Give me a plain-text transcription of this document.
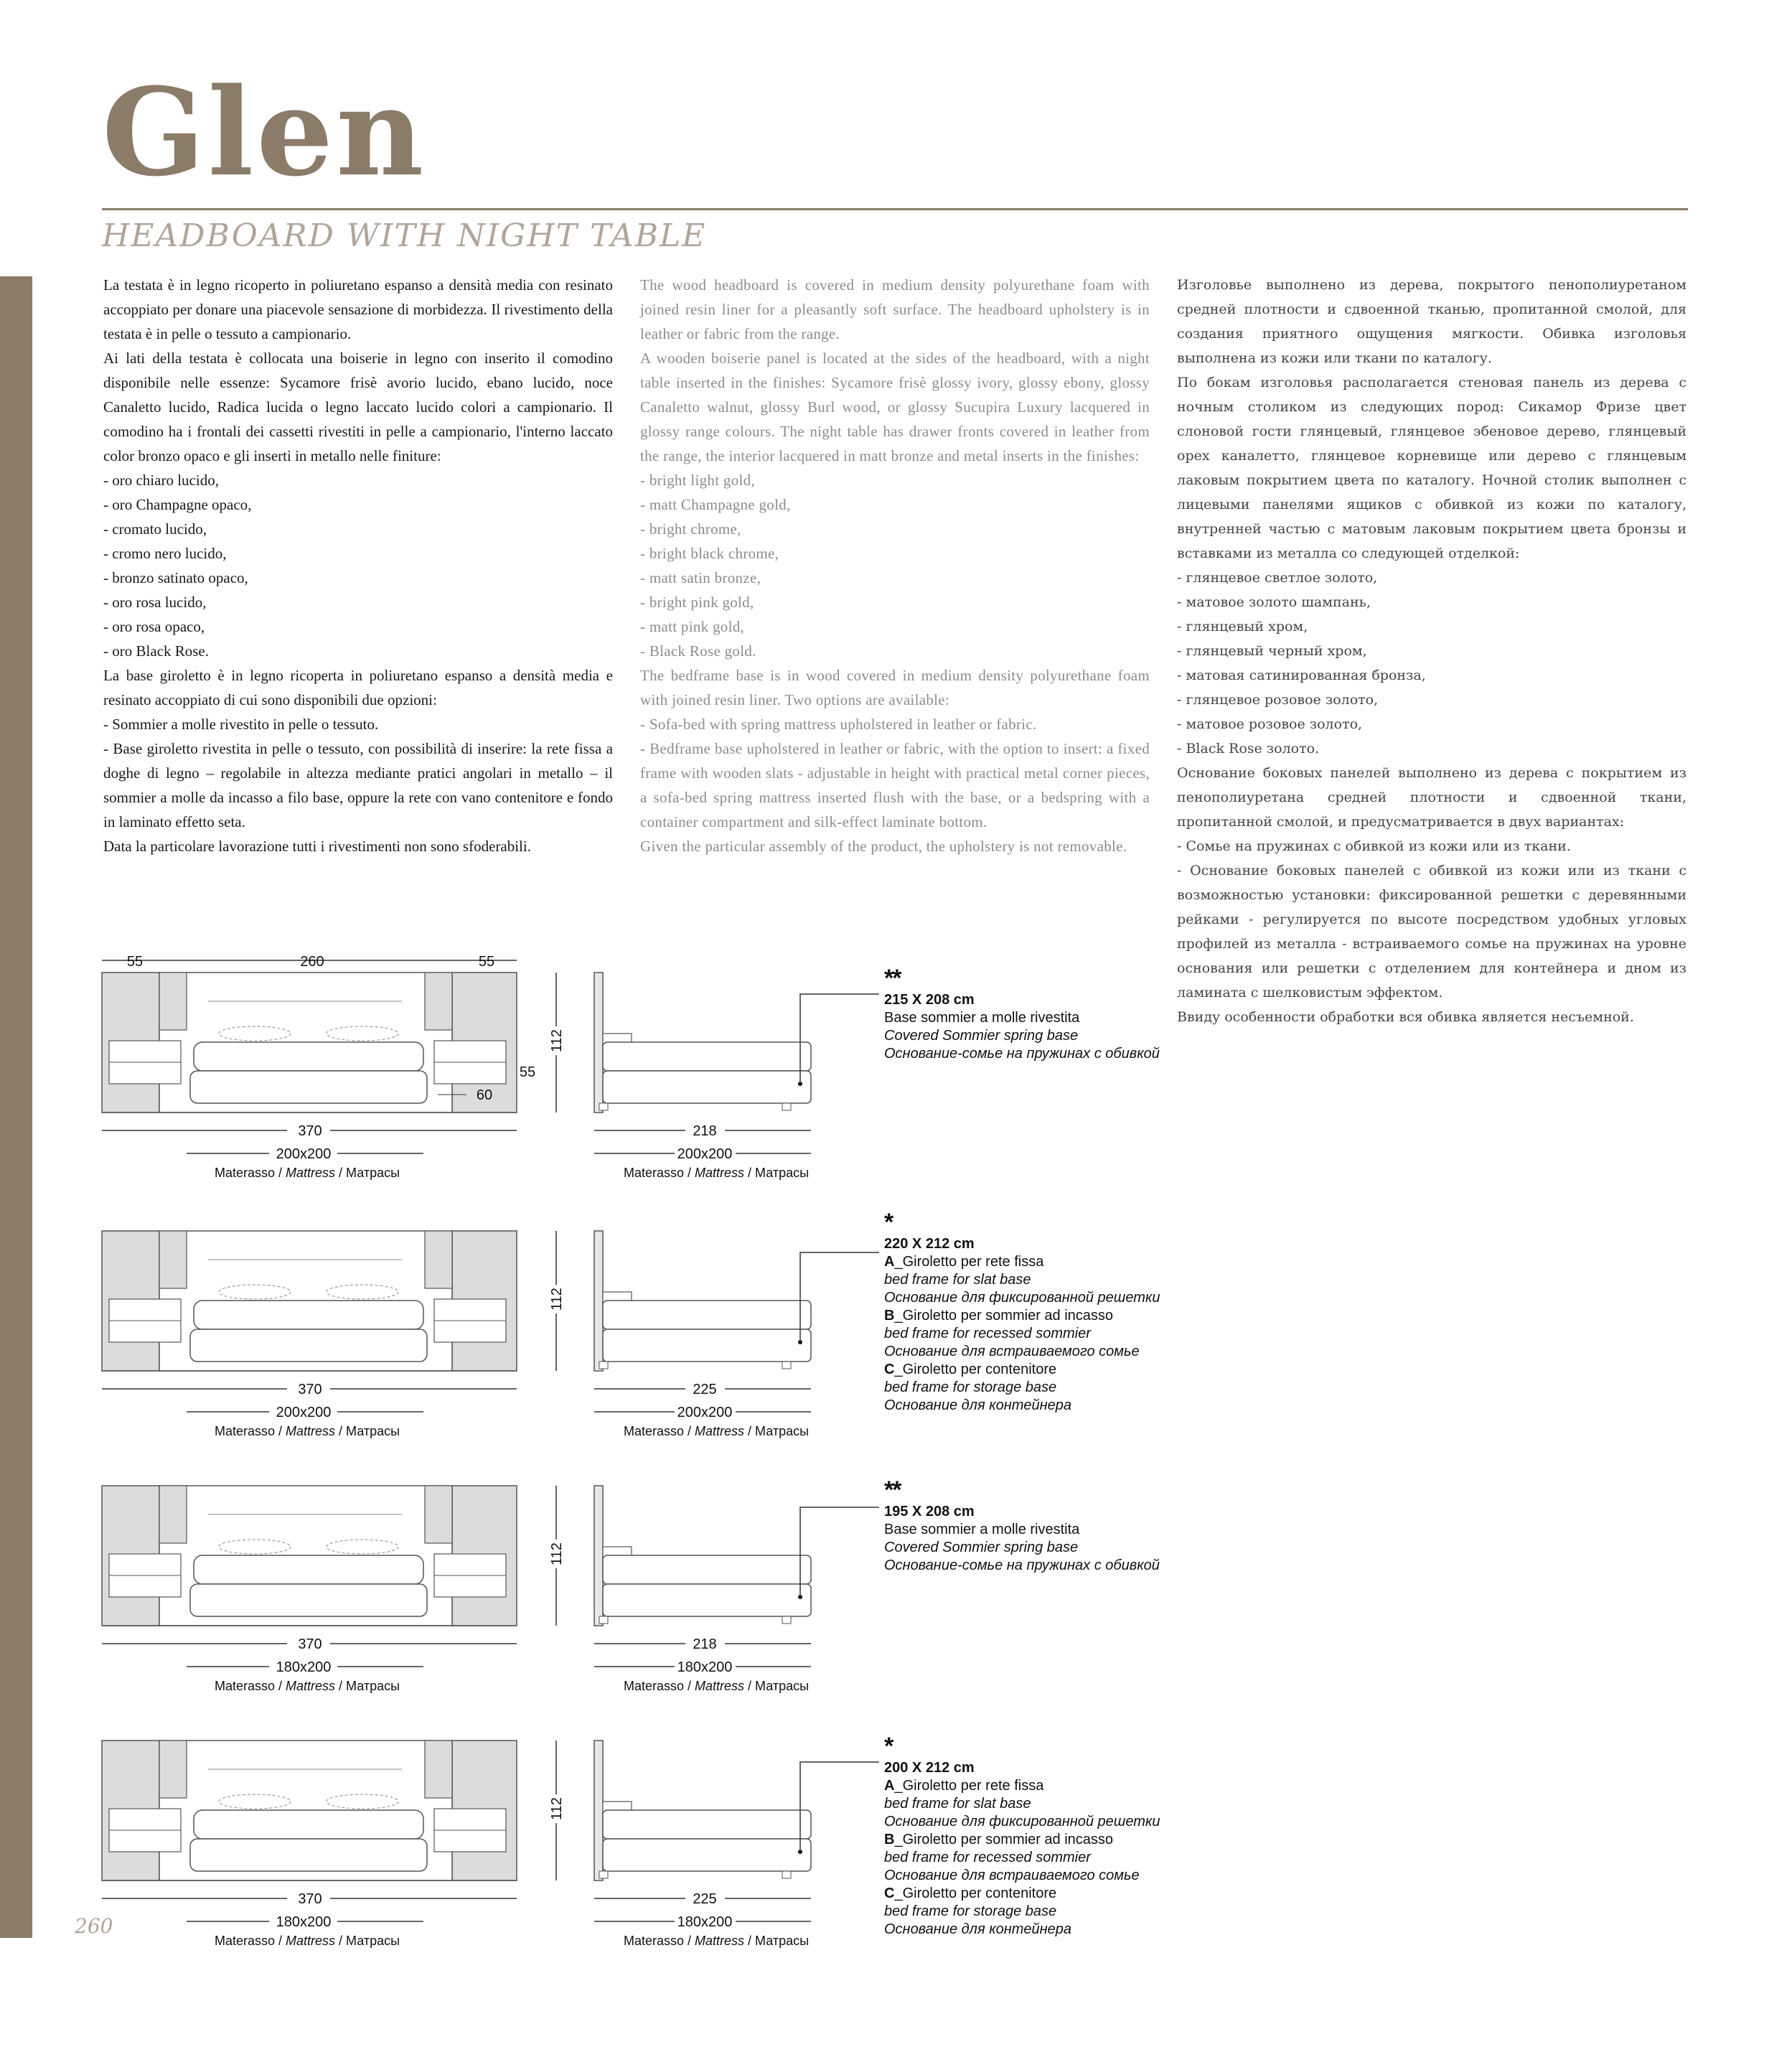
Glen
HEADBOARD WITH NIGHT TABLE
La testata è in legno ricoperto in poliuretano espanso a densità media con resinato accoppiato per donare una piacevole sensazione di morbidezza. Il rivestimento della testata è in pelle o tessuto a campionario.
Ai lati della testata è collocata una boiserie in legno con inserito il comodino disponibile nelle essenze: Sycamore frisè avorio lucido, ebano lucido, noce Canaletto lucido, Radica lucida o legno laccato lucido colori a campionario. Il comodino ha i frontali dei cassetti rivestiti in pelle a campionario, l'interno laccato color bronzo opaco e gli inserti in metallo nelle finiture:
- oro chiaro lucido,
- oro Champagne opaco,
- cromato lucido,
- cromo nero lucido,
- bronzo satinato opaco,
- oro rosa lucido,
- oro rosa opaco,
- oro Black Rose.
La base giroletto è in legno ricoperta in poliuretano espanso a densità media e resinato accoppiato di cui sono disponibili due opzioni:
- Sommier a molle rivestito in pelle o tessuto.
- Base giroletto rivestita in pelle o tessuto, con possibilità di inserire: la rete fissa a doghe di legno – regolabile in altezza mediante pratici angolari in metallo – il sommier a molle da incasso a filo base, oppure la rete con vano contenitore e fondo in laminato effetto seta.
Data la particolare lavorazione tutti i rivestimenti non sono sfoderabili.
The wood headboard is covered in medium density polyurethane foam with joined resin liner for a pleasantly soft surface. The headboard upholstery is in leather or fabric from the range.
A wooden boiserie panel is located at the sides of the headboard, with a night table inserted in the finishes: Sycamore frisè glossy ivory, glossy ebony, glossy Canaletto walnut, glossy Burl wood, or glossy Sucupira Luxury lacquered in glossy range colours. The night table has drawer fronts covered in leather from the range, the interior lacquered in matt bronze and metal inserts in the finishes:
- bright light gold,
- matt Champagne gold,
- bright chrome,
- bright black chrome,
- matt satin bronze,
- bright pink gold,
- matt pink gold,
- Black Rose gold.
The bedframe base is in wood covered in medium density polyurethane foam with joined resin liner. Two options are available:
- Sofa-bed with spring mattress upholstered in leather or fabric.
- Bedframe base upholstered in leather or fabric, with the option to insert: a fixed frame with wooden slats - adjustable in height with practical metal corner pieces, a sofa-bed spring mattress inserted flush with the base, or a bedspring with a container compartment and silk-effect laminate bottom.
Given the particular assembly of the product, the upholstery is not removable.
Изголовье выполнено из дерева, покрытого пенополиуретаном средней плотности и сдвоенной тканью, пропитанной смолой, для создания приятного ощущения мягкости. Обивка изголовья выполнена из кожи или ткани по каталогу.
По бокам изголовья располагается стеновая панель из дерева с ночным столиком из следующих пород: Сикамор Фризе цвет слоновой гости глянцевый, глянцевое эбеновое дерево, глянцевый орех каналетто, глянцевое корневище или дерево с глянцевым лаковым покрытием цвета по каталогу. Ночной столик выполнен с лицевыми панелями ящиков с обивкой из кожи по каталогу, внутренней частью с матовым лаковым покрытием цвета бронзы и вставками из металла со следующей отделкой:
- глянцевое светлое золото,
- матовое золото шампань,
- глянцевый хром,
- глянцевый черный хром,
- матовая сатинированная бронза,
- глянцевое розовое золото,
- матовое розовое золото,
- Black Rose золото.
Основание боковых панелей выполнено из дерева с покрытием из пенополиуретана средней плотности и сдвоенной ткани, пропитанной смолой, и предусматривается в двух вариантах:
- Сомье на пружинах с обивкой из кожи или из ткани.
- Основание боковых панелей с обивкой из кожи или из ткани с возможностью установки: фиксированной решетки с деревянными рейками - регулируется по высоте посредством удобных угловых профилей из металла - встраиваемого сомье на пружинах на уровне основания или решетки с отделением для контейнера и дном из ламината с шелковистым эффектом.
Ввиду особенности обработки вся обивка является несъемной.
55	260	55
55
60
370
200x200
Materasso / Mattress / Матрасы
112
218
200x200
Materasso / Mattress / Матрасы
**
215 X 208 cm
Base sommier a molle rivestita
Covered Sommier spring base
Основание-сомье на пружинах с обивкой
370
200x200
Materasso / Mattress / Матрасы
112
225
200x200
Materasso / Mattress / Матрасы
*
220 X 212 cm
A_Giroletto per rete fissa
bed frame for slat base
Основание для фиксированной решетки
B_Giroletto per sommier ad incasso
bed frame for recessed sommier
Основание для встраиваемого сомье
C_Giroletto per contenitore
bed frame for storage base
Основание для контейнера
370
180x200
Materasso / Mattress / Матрасы
112
218
180x200
Materasso / Mattress / Матрасы
**
195 X 208 cm
Base sommier a molle rivestita
Covered Sommier spring base
Основание-сомье на пружинах с обивкой
370
180x200
Materasso / Mattress / Матрасы
112
225
180x200
Materasso / Mattress / Матрасы
*
200 X 212 cm
A_Giroletto per rete fissa
bed frame for slat base
Основание для фиксированной решетки
B_Giroletto per sommier ad incasso
bed frame for recessed sommier
Основание для встраиваемого сомье
C_Giroletto per contenitore
bed frame for storage base
Основание для контейнера
260
